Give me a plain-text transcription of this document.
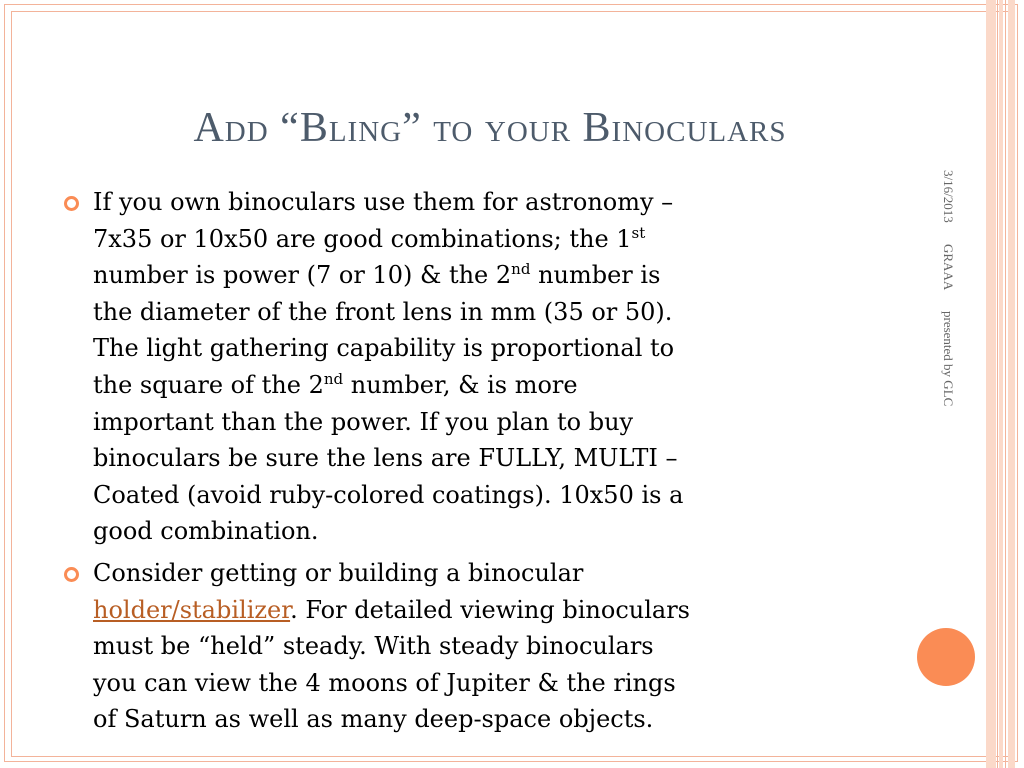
Add “Bling” to your Binoculars
3/16/2013 GRAAA presented by GLC
If you own binoculars use them for astronomy –
7x35 or 10x50 are good combinations; the 1st
number is power (7 or 10) & the 2nd number is
the diameter of the front lens in mm (35 or 50).
The light gathering capability is proportional to
the square of the 2nd number, & is more
important than the power. If you plan to buy
binoculars be sure the lens are FULLY, MULTI –
Coated (avoid ruby-colored coatings). 10x50 is a
good combination.
Consider getting or building a binocular
holder/stabilizer. For detailed viewing binoculars
must be “held” steady. With steady binoculars
you can view the 4 moons of Jupiter & the rings
of Saturn as well as many deep-space objects.
